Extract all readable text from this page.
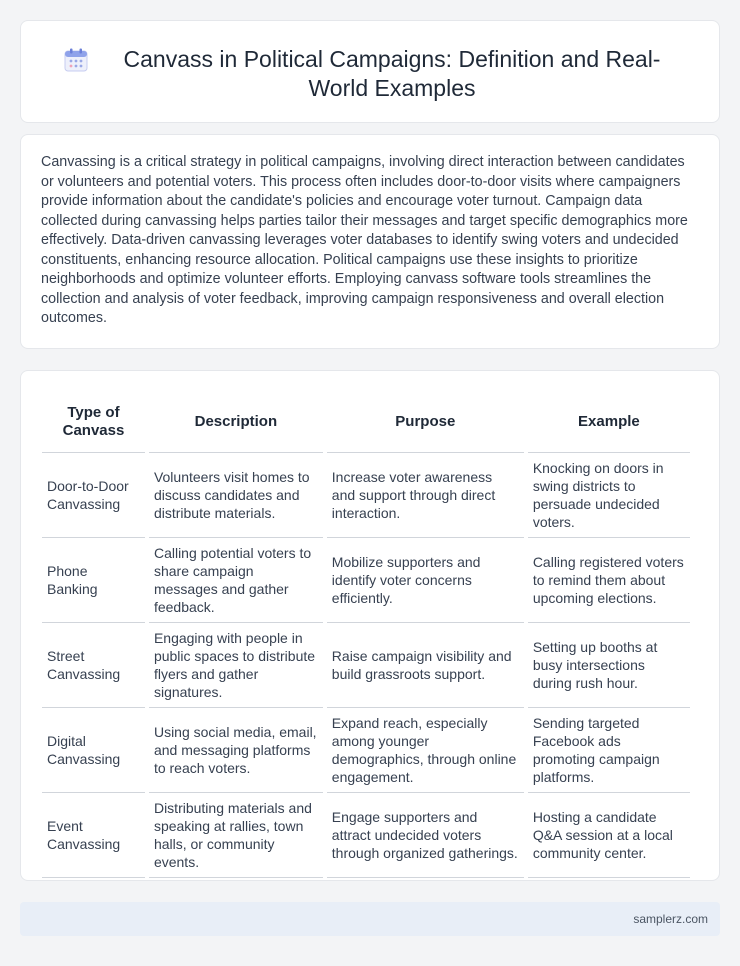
Canvass in Political Campaigns: Definition and Real-World Examples

Canvassing is a critical strategy in political campaigns, involving direct interaction between candidates or volunteers and potential voters. This process often includes door-to-door visits where campaigners provide information about the candidate's policies and encourage voter turnout. Campaign data collected during canvassing helps parties tailor their messages and target specific demographics more effectively. Data-driven canvassing leverages voter databases to identify swing voters and undecided constituents, enhancing resource allocation. Political campaigns use these insights to prioritize neighborhoods and optimize volunteer efforts. Employing canvass software tools streamlines the collection and analysis of voter feedback, improving campaign responsiveness and overall election outcomes.

Type of Canvass	Description	Purpose	Example
Door-to-Door Canvassing	Volunteers visit homes to discuss candidates and distribute materials.	Increase voter awareness and support through direct interaction.	Knocking on doors in swing districts to persuade undecided voters.
Phone Banking	Calling potential voters to share campaign messages and gather feedback.	Mobilize supporters and identify voter concerns efficiently.	Calling registered voters to remind them about upcoming elections.
Street Canvassing	Engaging with people in public spaces to distribute flyers and gather signatures.	Raise campaign visibility and build grassroots support.	Setting up booths at busy intersections during rush hour.
Digital Canvassing	Using social media, email, and messaging platforms to reach voters.	Expand reach, especially among younger demographics, through online engagement.	Sending targeted Facebook ads promoting campaign platforms.
Event Canvassing	Distributing materials and speaking at rallies, town halls, or community events.	Engage supporters and attract undecided voters through organized gatherings.	Hosting a candidate Q&A session at a local community center.
samplerz.com
